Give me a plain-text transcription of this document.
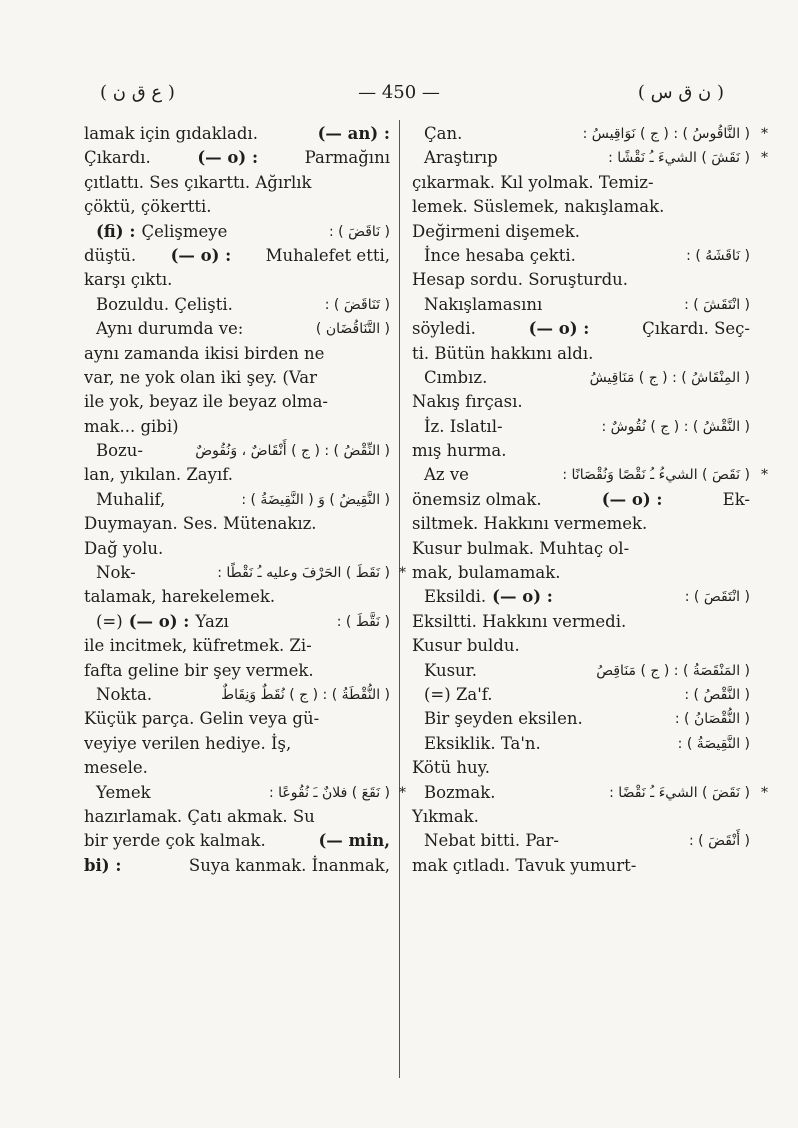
( ع ق ن )	— 450 —	( ن ق س )
lamak için gıdakladı.	(— an) :
Çıkardı.	(— o) :	Parmağını
çıtlattı. Ses çıkarttı. Ağırlık
çöktü, çökertti.
(fi) : Çelişmeye	( نَاقَضَ ) :
düştü. (— o) : Muhalefet etti,
karşı çıktı.
Bozuldu. Çelişti.	( تَنَاقَضَ ) :
Aynı durumda ve:	( التَّنَاقُضَان )
aynı zamanda ikisi birden ne
var, ne yok olan iki şey. (Var
ile yok, beyaz ile beyaz olma-
mak... gibi)
Bozu-	( النِّقْضُ ) : ( ج ) أَنْقَاضٌ ، وَنُقُوضٌ
lan, yıkılan. Zayıf.
Muhalif,	( النَّقِيضُ ) وَ ( النَّقِيضَةُ ) :
Duymayan. Ses. Mütenakız.
Dağ yolu.
Nok-	( نَقَطَ ) الحَرْفَ وعليه ـُ نَقْطًا : *
talamak, harekelemek.
(=) (— o) : Yazı	( نَقَّطَ ) :
ile incitmek, küfretmek. Zi-
fafta geline bir şey vermek.
Nokta.	( النُّقْطَةُ ) : ( ج ) نُقَطٌ وَنِقَاطٌ
Küçük parça. Gelin veya gü-
veyiye verilen hediye. İş,
mesele.
Yemek	( نَقَعَ ) فلانٌ ـَ نُقُوعًا : *
hazırlamak. Çatı akmak. Su
bir yerde çok kalmak.	(— min,
bi) :	Suya kanmak. İnanmak,
Çan.	( النَّاقُوسُ ) : ( ج ) نَوَاقِيسُ : *
Araştırıp	( نَقَشَ ) الشيءَ ـُ نَقْشًا : *
çıkarmak. Kıl yolmak. Temiz-
lemek. Süslemek, nakışlamak.
Değirmeni dişemek.
İnce hesaba çekti.	( نَاقَشَهُ ) :
Hesap sordu. Soruşturdu.
Nakışlamasını	( انْتَقَشَ ) :
söyledi.	(— o) :	Çıkardı. Seç-
ti. Bütün hakkını aldı.
Cımbız.	( المِنْقَاشُ ) : ( ج ) مَنَاقِيشُ
Nakış fırçası.
İz. Islatıl-	( النَّقْشُ ) : ( ج ) نُقُوشٌ :
mış hurma.
Az ve	( نَقَصَ ) الشيءُ ـُ نَقْصًا وَنُقْصَانًا : *
önemsiz olmak.	(— o) :	Ek-
siltmek. Hakkını vermemek.
Kusur bulmak. Muhtaç ol-
mak, bulamamak.
Eksildi. (— o) :	( انْتَقَصَ ) :
Eksiltti. Hakkını vermedi.
Kusur buldu.
Kusur.	( المَنْقَصَةُ ) : ( ج ) مَنَاقِصُ
(=) Za'f.	( النَّقْصُ ) :
Bir şeyden eksilen.	( النُّقْصَانُ ) :
Eksiklik. Ta'n.	( النَّقِيصَةُ ) :
Kötü huy.
Bozmak.	( نَقَضَ ) الشيءَ ـُ نَقْضًا : *
Yıkmak.
Nebat bitti. Par-	( أَنْقَضَ ) :
mak çıtladı. Tavuk yumurt-
